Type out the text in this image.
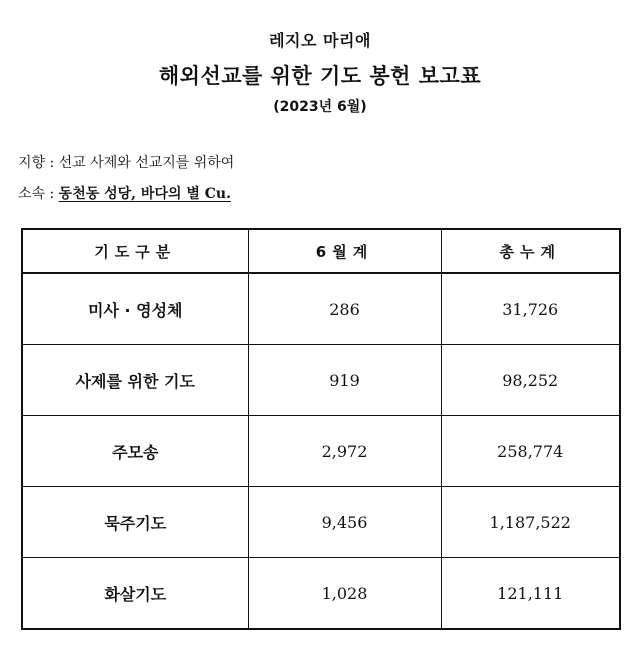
레지오 마리애
해외선교를 위한 기도 봉헌 보고표
(2023년 6월)
지향 : 선교 사제와 선교지를 위하여
소속 : 동천동 성당, 바다의 별 Cu.
기도구분	6월계	총누계
미사 · 영성체	286	31,726
사제를 위한 기도	919	98,252
주모송	2,972	258,774
묵주기도	9,456	1,187,522
화살기도	1,028	121,111
